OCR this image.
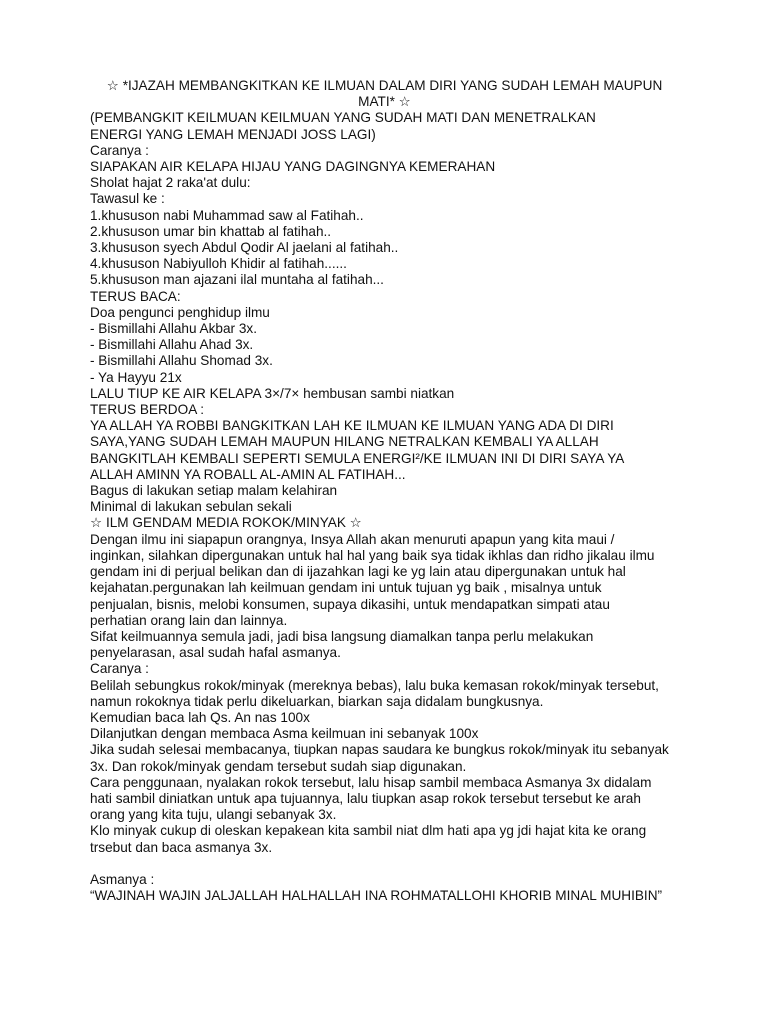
☆ *IJAZAH MEMBANGKITKAN KE ILMUAN DALAM DIRI YANG SUDAH LEMAH MAUPUN
MATI* ☆
(PEMBANGKIT KEILMUAN KEILMUAN YANG SUDAH MATI DAN MENETRALKAN
ENERGI YANG LEMAH MENJADI JOSS LAGI)
Caranya :
SIAPAKAN AIR KELAPA HIJAU YANG DAGINGNYA KEMERAHAN
Sholat hajat 2 raka'at dulu:
Tawasul ke :
1.khususon nabi Muhammad saw al Fatihah..
2.khususon umar bin khattab al fatihah..
3.khususon syech Abdul Qodir Al jaelani al fatihah..
4.khususon Nabiyulloh Khidir al fatihah......
5.khususon man ajazani ilal muntaha al fatihah...
TERUS BACA:
Doa pengunci penghidup ilmu
- Bismillahi Allahu Akbar 3x.
- Bismillahi Allahu Ahad 3x.
- Bismillahi Allahu Shomad 3x.
- Ya Hayyu 21x
LALU TIUP KE AIR KELAPA 3×/7× hembusan sambi niatkan
TERUS BERDOA :
YA ALLAH YA ROBBI BANGKITKAN LAH KE ILMUAN KE ILMUAN YANG ADA DI DIRI
SAYA,YANG SUDAH LEMAH MAUPUN HILANG NETRALKAN KEMBALI YA ALLAH
BANGKITLAH KEMBALI SEPERTI SEMULA ENERGI²/KE ILMUAN INI DI DIRI SAYA YA
ALLAH AMINN YA ROBALL AL-AMIN AL FATIHAH...
Bagus di lakukan setiap malam kelahiran
Minimal di lakukan sebulan sekali
☆ ILM GENDAM MEDIA ROKOK/MINYAK ☆
Dengan ilmu ini siapapun orangnya, Insya Allah akan menuruti apapun yang kita maui /
inginkan, silahkan dipergunakan untuk hal hal yang baik sya tidak ikhlas dan ridho jikalau ilmu
gendam ini di perjual belikan dan di ijazahkan lagi ke yg lain atau dipergunakan untuk hal
kejahatan.pergunakan lah keilmuan gendam ini untuk tujuan yg baik , misalnya untuk
penjualan, bisnis, melobi konsumen, supaya dikasihi, untuk mendapatkan simpati atau
perhatian orang lain dan lainnya.
Sifat keilmuannya semula jadi, jadi bisa langsung diamalkan tanpa perlu melakukan
penyelarasan, asal sudah hafal asmanya.
Caranya :
Belilah sebungkus rokok/minyak (mereknya bebas), lalu buka kemasan rokok/minyak tersebut,
namun rokoknya tidak perlu dikeluarkan, biarkan saja didalam bungkusnya.
Kemudian baca lah Qs. An nas 100x
Dilanjutkan dengan membaca Asma keilmuan ini sebanyak 100x
Jika sudah selesai membacanya, tiupkan napas saudara ke bungkus rokok/minyak itu sebanyak
3x. Dan rokok/minyak gendam tersebut sudah siap digunakan.
Cara penggunaan, nyalakan rokok tersebut, lalu hisap sambil membaca Asmanya 3x didalam
hati sambil diniatkan untuk apa tujuannya, lalu tiupkan asap rokok tersebut tersebut ke arah
orang yang kita tuju, ulangi sebanyak 3x.
Klo minyak cukup di oleskan kepakean kita sambil niat dlm hati apa yg jdi hajat kita ke orang
trsebut dan baca asmanya 3x.
Asmanya :
“WAJINAH WAJIN JALJALLAH HALHALLAH INA ROHMATALLOHI KHORIB MINAL MUHIBIN”
